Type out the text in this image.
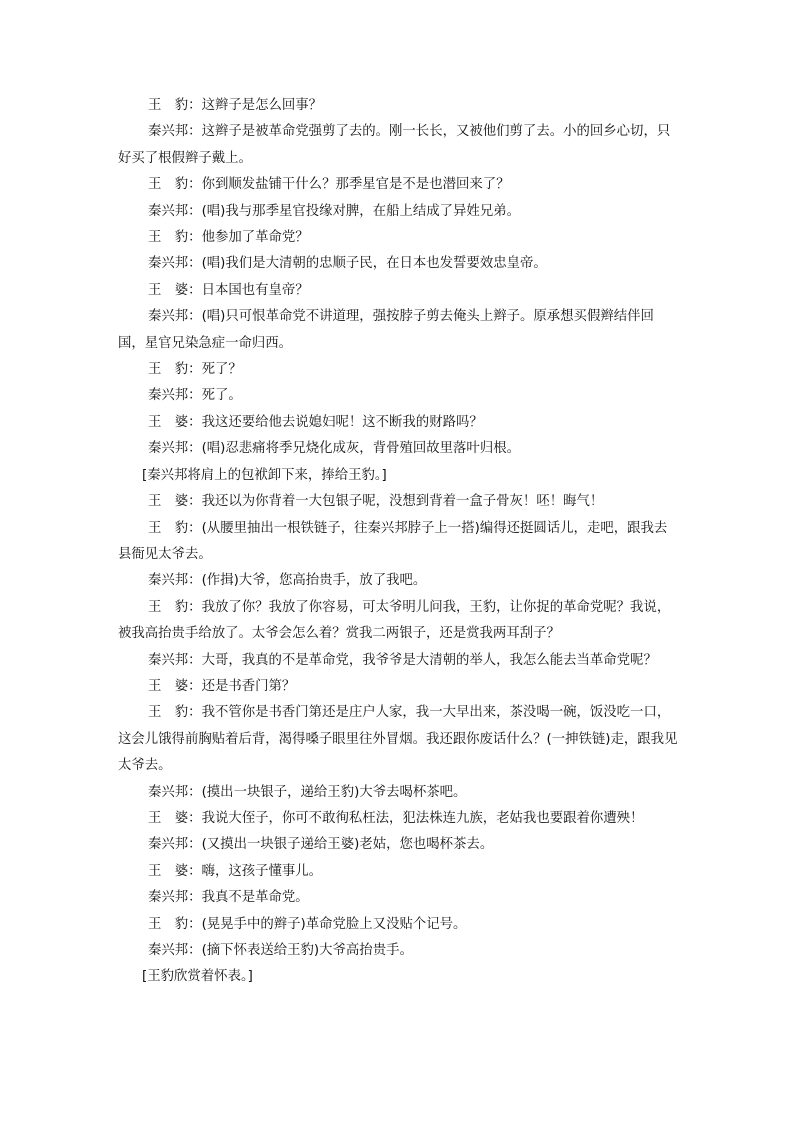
王　豹：这辫子是怎么回事？

秦兴邦：这辫子是被革命党强剪了去的。刚一长长，又被他们剪了去。小的回乡心切，只好买了根假辫子戴上。

王　豹：你到顺发盐铺干什么？那季星官是不是也潜回来了？

秦兴邦：(唱)我与那季星官投缘对脾，在船上结成了异姓兄弟。

王　豹：他参加了革命党？

秦兴邦：(唱)我们是大清朝的忠顺子民，在日本也发誓要效忠皇帝。

王　婆：日本国也有皇帝？

秦兴邦：(唱)只可恨革命党不讲道理，强按脖子剪去俺头上辫子。原承想买假辫结伴回国，星官兄染急症一命归西。

王　豹：死了？

秦兴邦：死了。

王　婆：我这还要给他去说媳妇呢！这不断我的财路吗？

秦兴邦：(唱)忍悲痛将季兄烧化成灰，背骨殖回故里落叶归根。

[秦兴邦将肩上的包袱卸下来，捧给王豹。]

王　婆：我还以为你背着一大包银子呢，没想到背着一盒子骨灰！呸！晦气！

王　豹：(从腰里抽出一根铁链子，往秦兴邦脖子上一搭)编得还挺圆话儿，走吧，跟我去县衙见太爷去。

秦兴邦：(作揖)大爷，您高抬贵手，放了我吧。

王　豹：我放了你？我放了你容易，可太爷明儿问我，王豹，让你捉的革命党呢？我说，被我高抬贵手给放了。太爷会怎么着？赏我二两银子，还是赏我两耳刮子？

秦兴邦：大哥，我真的不是革命党，我爷爷是大清朝的举人，我怎么能去当革命党呢？

王　婆：还是书香门第？

王　豹：我不管你是书香门第还是庄户人家，我一大早出来，茶没喝一碗，饭没吃一口，这会儿饿得前胸贴着后背，渴得嗓子眼里往外冒烟。我还跟你废话什么？(一抻铁链)走，跟我见太爷去。

秦兴邦：(摸出一块银子，递给王豹)大爷去喝杯茶吧。

王　婆：我说大侄子，你可不敢徇私枉法，犯法株连九族，老姑我也要跟着你遭殃！

秦兴邦：(又摸出一块银子递给王婆)老姑，您也喝杯茶去。

王　婆：嗨，这孩子懂事儿。

秦兴邦：我真不是革命党。

王　豹：(晃晃手中的辫子)革命党脸上又没贴个记号。

秦兴邦：(摘下怀表送给王豹)大爷高抬贵手。

[王豹欣赏着怀表。]
